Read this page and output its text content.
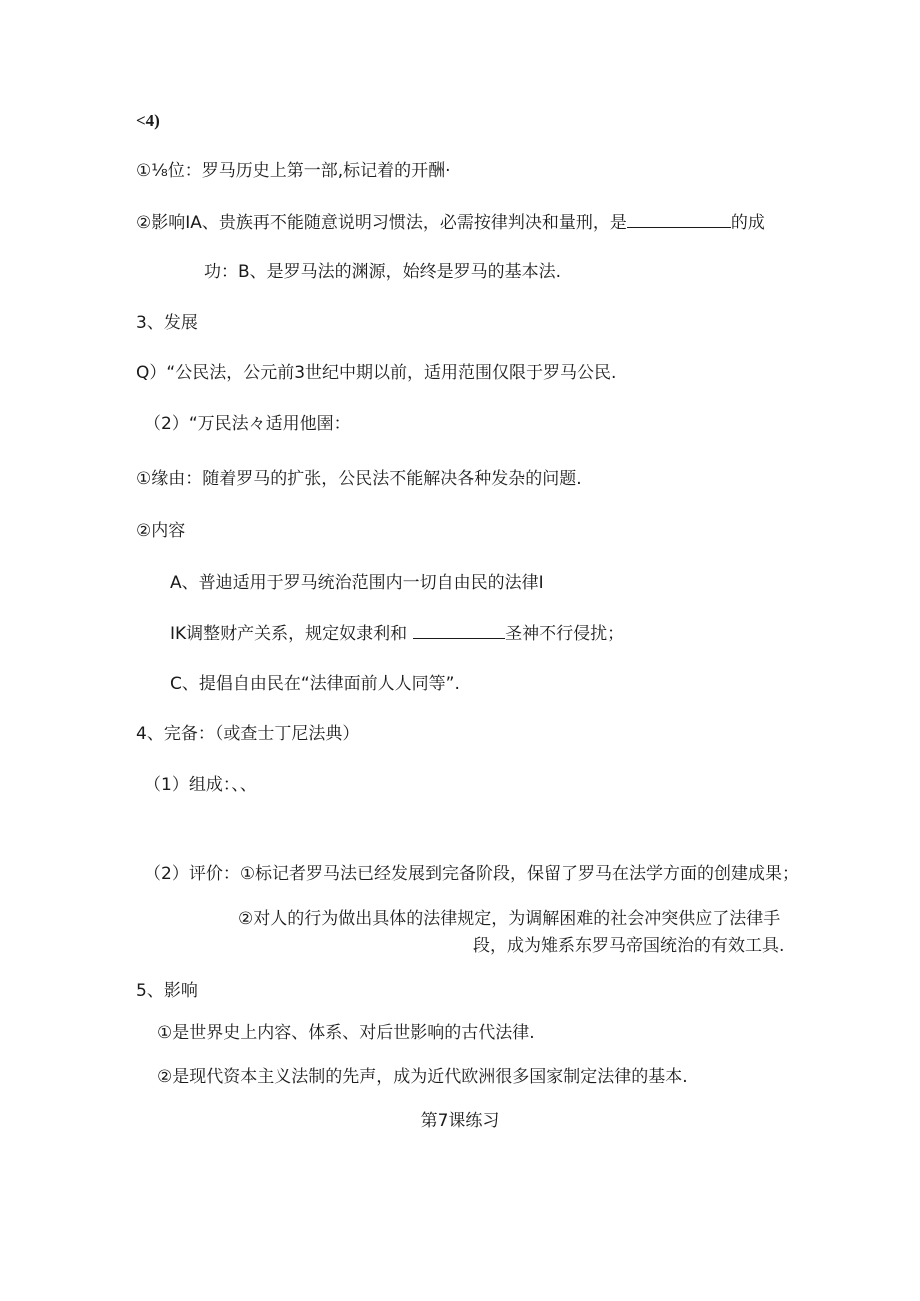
<4)
①⅛位：罗马历史上第一部,标记着的开酬·
②影响IA、贵族再不能随意说明习惯法，必需按律判决和量刑，是	的成
功：B、是罗马法的渊源，始终是罗马的基本法.
3、发展
Q）“公民法，公元前3世纪中期以前，适用范围仅限于罗马公民.
（2）“万民法々适用他圉：
①缘由：随着罗马的扩张，公民法不能解决各种发杂的问题.
②内容
A、普迪适用于罗马统治范围内一切自由民的法律I
IK调整财产关系，规定奴隶利和	圣神不行侵扰；
C、提倡自由民在“法律面前人人同等”.
4、完备：（或查士丁尼法典）
（1）组成：、、
（2）评价：①标记者罗马法已经发展到完备阶段，保留了罗马在法学方面的创建成果；
②对人的行为做出具体的法律规定，为调解困难的社会冲突供应了法律手
段，成为雉系东罗马帝国统治的有效工具.
5、影响
①是世界史上内容、体系、对后世影响的古代法律.
②是现代资本主义法制的先声，成为近代欧洲很多国家制定法律的基本.
第7课练习
